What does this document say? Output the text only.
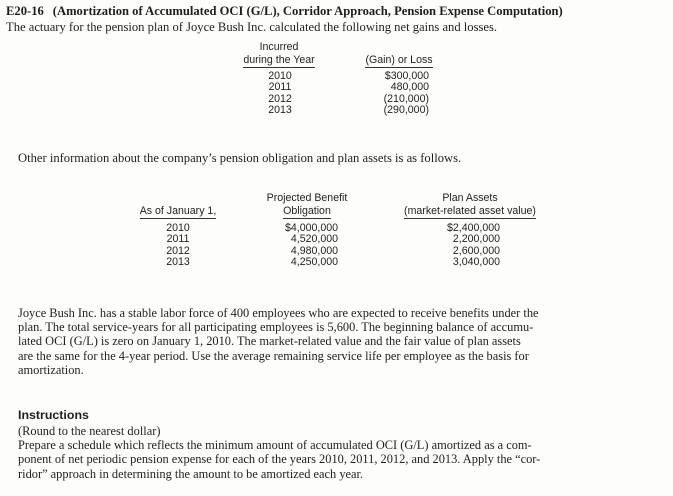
E20-16 (Amortization of Accumulated OCI (G/L), Corridor Approach, Pension Expense Computation)
The actuary for the pension plan of Joyce Bush Inc. calculated the following net gains and losses.
Incurred
during the Year	(Gain) or Loss
2010
2011
2012
2013
$300,000
480,000
(210,000)
(290,000)
Other information about the company’s pension obligation and plan assets is as follows.
As of January 1,
Projected Benefit
Obligation
Plan Assets
(market-related asset value)
2010
2011
2012
2013
$4,000,000
4,520,000
4,980,000
4,250,000
$2,400,000
2,200,000
2,600,000
3,040,000
Joyce Bush Inc. has a stable labor force of 400 employees who are expected to receive benefits under the
plan. The total service-years for all participating employees is 5,600. The beginning balance of accumu-
lated OCI (G/L) is zero on January 1, 2010. The market-related value and the fair value of plan assets
are the same for the 4-year period. Use the average remaining service life per employee as the basis for
amortization.
Instructions
(Round to the nearest dollar)
Prepare a schedule which reflects the minimum amount of accumulated OCI (G/L) amortized as a com-
ponent of net periodic pension expense for each of the years 2010, 2011, 2012, and 2013. Apply the “cor-
ridor” approach in determining the amount to be amortized each year.
